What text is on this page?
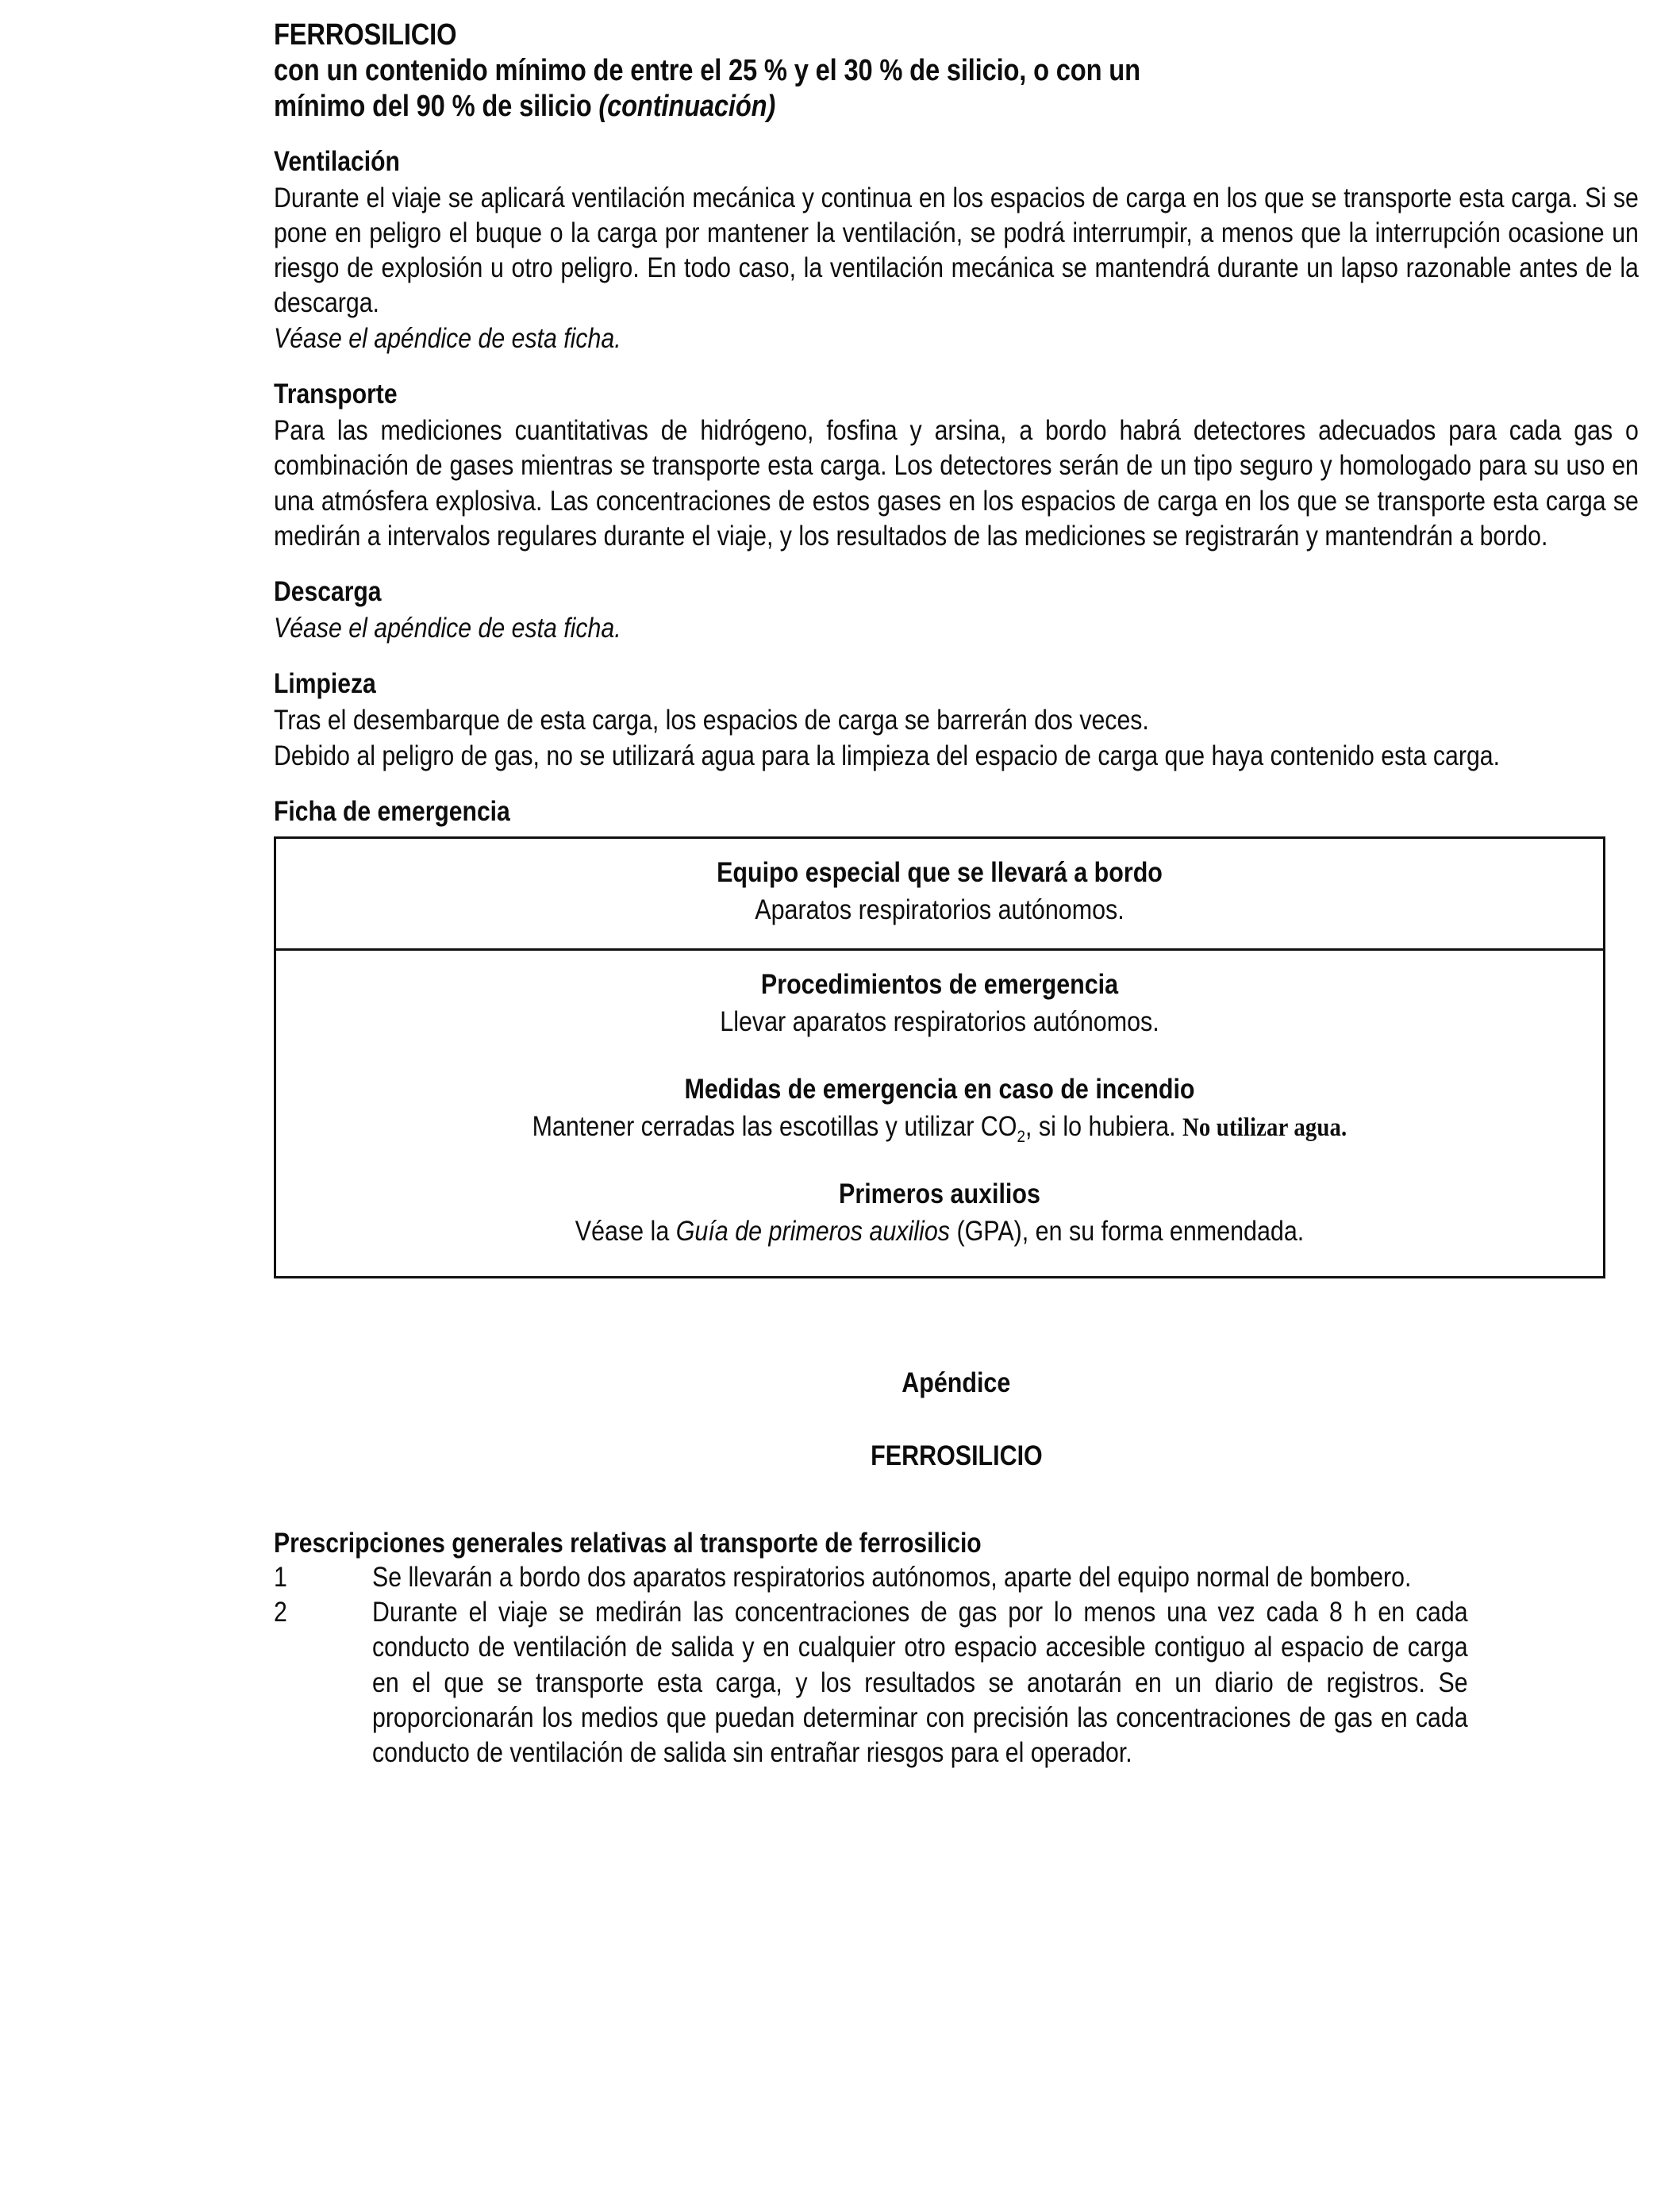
FERROSILICIO
con un contenido mínimo de entre el 25 % y el 30 % de silicio, o con un
mínimo del 90 % de silicio (continuación)
Ventilación

Durante el viaje se aplicará ventilación mecánica y continua en los espacios de carga en los que se transporte esta carga. Si se pone en peligro el buque o la carga por mantener la ventilación, se podrá interrumpir, a menos que la interrupción ocasione un riesgo de explosión u otro peligro. En todo caso, la ventilación mecánica se mantendrá durante un lapso razonable antes de la descarga.

Véase el apéndice de esta ficha.

Transporte

Para las mediciones cuantitativas de hidrógeno, fosfina y arsina, a bordo habrá detectores adecuados para cada gas o combinación de gases mientras se transporte esta carga. Los detectores serán de un tipo seguro y homologado para su uso en una atmósfera explosiva. Las concentraciones de estos gases en los espacios de carga en los que se transporte esta carga se medirán a intervalos regulares durante el viaje, y los resultados de las mediciones se registrarán y mantendrán a bordo.

Descarga

Véase el apéndice de esta ficha.

Limpieza

Tras el desembarque de esta carga, los espacios de carga se barrerán dos veces.

Debido al peligro de gas, no se utilizará agua para la limpieza del espacio de carga que haya contenido esta carga.

Ficha de emergencia
Equipo especial que se llevará a bordo
Aparatos respiratorios autónomos.
Procedimientos de emergencia
Llevar aparatos respiratorios autónomos.
Medidas de emergencia en caso de incendio
Mantener cerradas las escotillas y utilizar $CO_2$, si lo hubiera. No utilizar agua.
Primeros auxilios
Véase la Guía de primeros auxilios (GPA), en su forma enmendada.
Apéndice
FERROSILICIO
Prescripciones generales relativas al transporte de ferrosilicio
1	Se llevarán a bordo dos aparatos respiratorios autónomos, aparte del equipo normal de bombero.
2	Durante el viaje se medirán las concentraciones de gas por lo menos una vez cada 8 h en cada conducto de ventilación de salida y en cualquier otro espacio accesible contiguo al espacio de carga en el que se transporte esta carga, y los resultados se anotarán en un diario de registros. Se proporcionarán los medios que puedan determinar con precisión las concentraciones de gas en cada conducto de ventilación de salida sin entrañar riesgos para el operador.
